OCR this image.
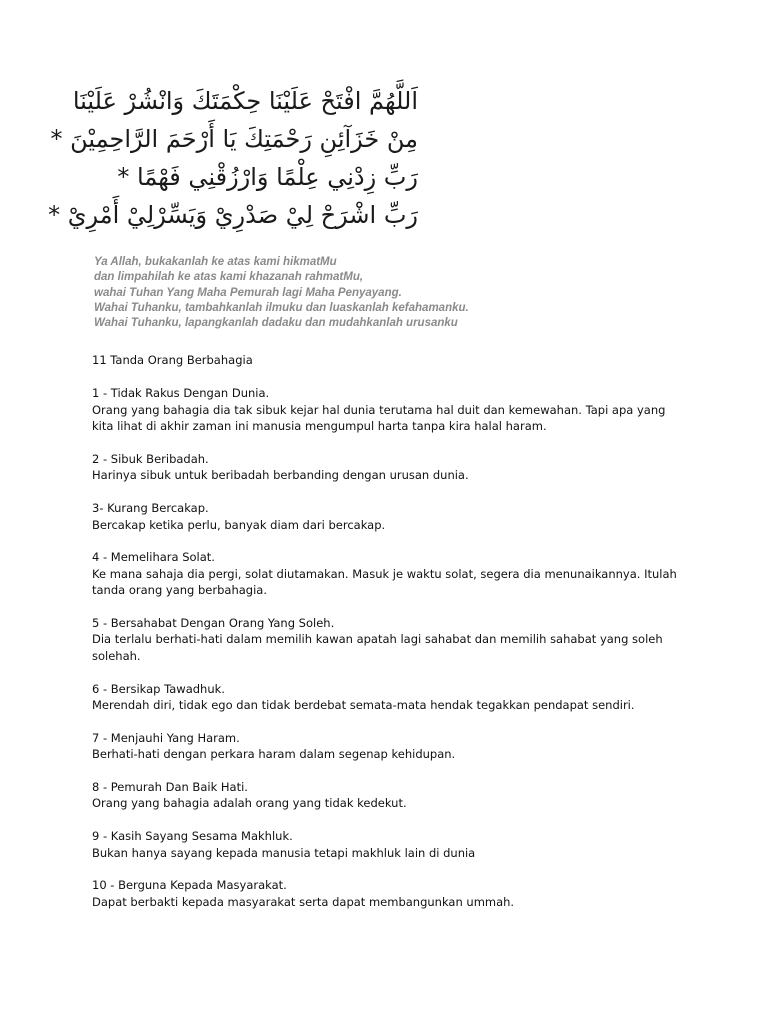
اَللَّهُمَّ افْتَحْ عَلَيْنَا حِكْمَتَكَ وَانْشُرْ عَلَيْنَا
مِنْ خَزَآئِنِ رَحْمَتِكَ يَا أَرْحَمَ الرَّاحِمِيْنَ *
رَبِّ زِدْنِي عِلْمًا وَارْزُقْنِي فَهْمًا *
رَبِّ اشْرَحْ لِيْ صَدْرِيْ وَيَسِّرْلِيْ أَمْرِيْ *
Ya Allah, bukakanlah ke atas kami hikmatMu
dan limpahilah ke atas kami khazanah rahmatMu,
wahai Tuhan Yang Maha Pemurah lagi Maha Penyayang.
Wahai Tuhanku, tambahkanlah ilmuku dan luaskanlah kefahamanku.
Wahai Tuhanku, lapangkanlah dadaku dan mudahkanlah urusanku
11 Tanda Orang Berbahagia
1 - Tidak Rakus Dengan Dunia.
Orang yang bahagia dia tak sibuk kejar hal dunia terutama hal duit dan kemewahan. Tapi apa yang
kita lihat di akhir zaman ini manusia mengumpul harta tanpa kira halal haram.
2 - Sibuk Beribadah.
Harinya sibuk untuk beribadah berbanding dengan urusan dunia.
3- Kurang Bercakap.
Bercakap ketika perlu, banyak diam dari bercakap.
4 - Memelihara Solat.
Ke mana sahaja dia pergi, solat diutamakan. Masuk je waktu solat, segera dia menunaikannya. Itulah
tanda orang yang berbahagia.
5 - Bersahabat Dengan Orang Yang Soleh.
Dia terlalu berhati-hati dalam memilih kawan apatah lagi sahabat dan memilih sahabat yang soleh
solehah.
6 - Bersikap Tawadhuk.
Merendah diri, tidak ego dan tidak berdebat semata-mata hendak tegakkan pendapat sendiri.
7 - Menjauhi Yang Haram.
Berhati-hati dengan perkara haram dalam segenap kehidupan.
8 - Pemurah Dan Baik Hati.
Orang yang bahagia adalah orang yang tidak kedekut.
9 - Kasih Sayang Sesama Makhluk.
Bukan hanya sayang kepada manusia tetapi makhluk lain di dunia
10 - Berguna Kepada Masyarakat.
Dapat berbakti kepada masyarakat serta dapat membangunkan ummah.
